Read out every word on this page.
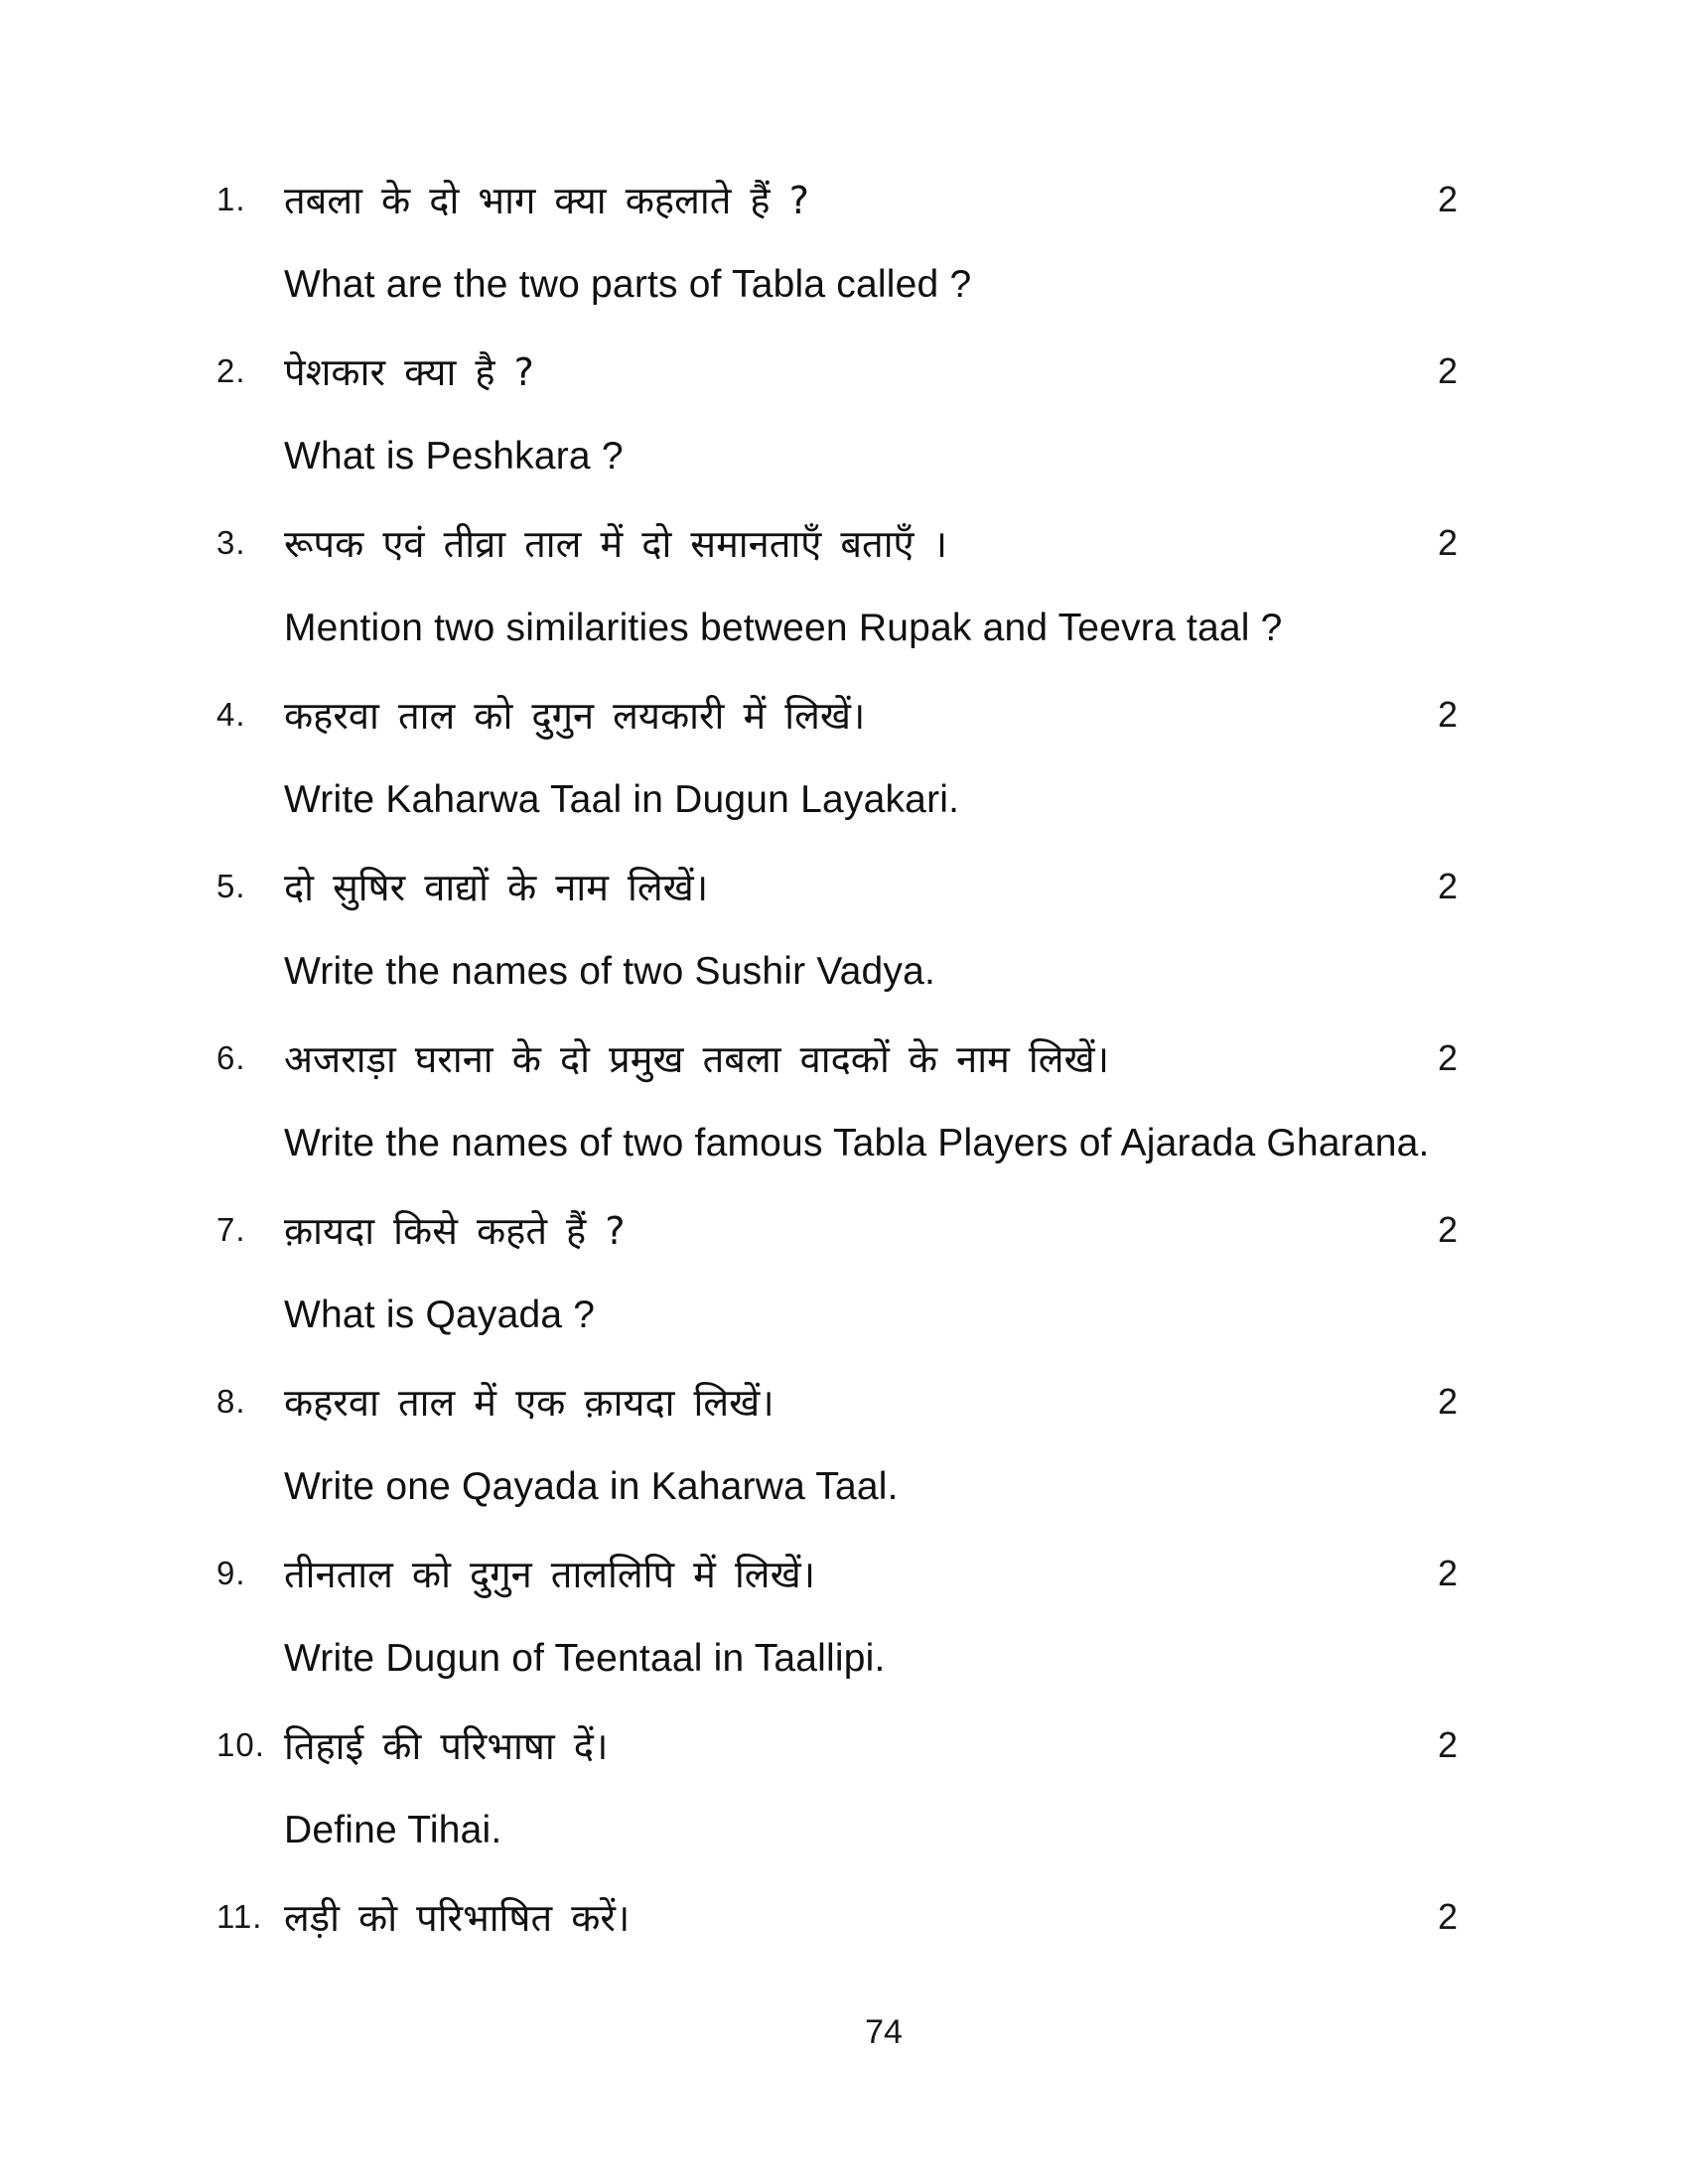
1. तबला के दो भाग क्या कहलाते हैं ?	2
What are the two parts of Tabla called ?
2. पेशकार क्या है ?	2
What is Peshkara ?
3. रूपक एवं तीव्रा ताल में दो समानताएँ बताएँ ।	2
Mention two similarities between Rupak and Teevra taal ?
4. कहरवा ताल को दुगुन लयकारी में लिखें।	2
Write Kaharwa Taal in Dugun Layakari.
5. दो सुषिर वाद्यों के नाम लिखें।	2
Write the names of two Sushir Vadya.
6. अजराड़ा घराना के दो प्रमुख तबला वादकों के नाम लिखें।	2
Write the names of two famous Tabla Players of Ajarada Gharana.
7. क़ायदा किसे कहते हैं ?	2
What is Qayada ?
8. कहरवा ताल में एक क़ायदा लिखें।	2
Write one Qayada in Kaharwa Taal.
9. तीनताल को दुगुन ताललिपि में लिखें।	2
Write Dugun of Teentaal in Taallipi.
10. तिहाई की परिभाषा दें।	2
Define Tihai.
11. लड़ी को परिभाषित करें।	2
74
